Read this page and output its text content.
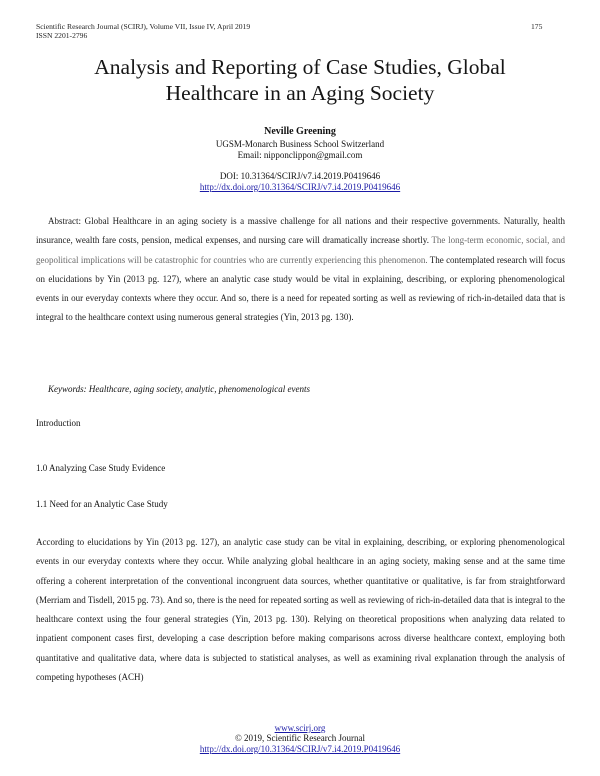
Scientific Research Journal (SCIRJ), Volume VII, Issue IV, April 2019
ISSN 2201-2796
175
Analysis and Reporting of Case Studies, Global
Healthcare in an Aging Society
Neville Greening
UGSM-Monarch Business School Switzerland
Email: nipponclippon@gmail.com
DOI: 10.31364/SCIRJ/v7.i4.2019.P0419646
http://dx.doi.org/10.31364/SCIRJ/v7.i4.2019.P0419646
Abstract: Global Healthcare in an aging society is a massive challenge for all nations and their respective governments. Naturally, health insurance, wealth fare costs, pension, medical expenses, and nursing care will dramatically increase shortly. The long-term economic, social, and geopolitical implications will be catastrophic for countries who are currently experiencing this phenomenon. The contemplated research will focus on elucidations by Yin (2013 pg. 127), where an analytic case study would be vital in explaining, describing, or exploring phenomenological events in our everyday contexts where they occur. And so, there is a need for repeated sorting as well as reviewing of rich-in-detailed data that is integral to the healthcare context using numerous general strategies (Yin, 2013 pg. 130).
Keywords: Healthcare, aging society, analytic, phenomenological events
Introduction
1.0 Analyzing Case Study Evidence
1.1 Need for an Analytic Case Study
According to elucidations by Yin (2013 pg. 127), an analytic case study can be vital in explaining, describing, or exploring phenomenological events in our everyday contexts where they occur. While analyzing global healthcare in an aging society, making sense and at the same time offering a coherent interpretation of the conventional incongruent data sources, whether quantitative or qualitative, is far from straightforward (Merriam and Tisdell, 2015 pg. 73). And so, there is the need for repeated sorting as well as reviewing of rich-in-detailed data that is integral to the healthcare context using the four general strategies (Yin, 2013 pg. 130). Relying on theoretical propositions when analyzing data related to inpatient component cases first, developing a case description before making comparisons across diverse healthcare context, employing both quantitative and qualitative data, where data is subjected to statistical analyses, as well as examining rival explanation through the analysis of competing hypotheses (ACH)
www.scirj.org
© 2019, Scientific Research Journal
http://dx.doi.org/10.31364/SCIRJ/v7.i4.2019.P0419646
